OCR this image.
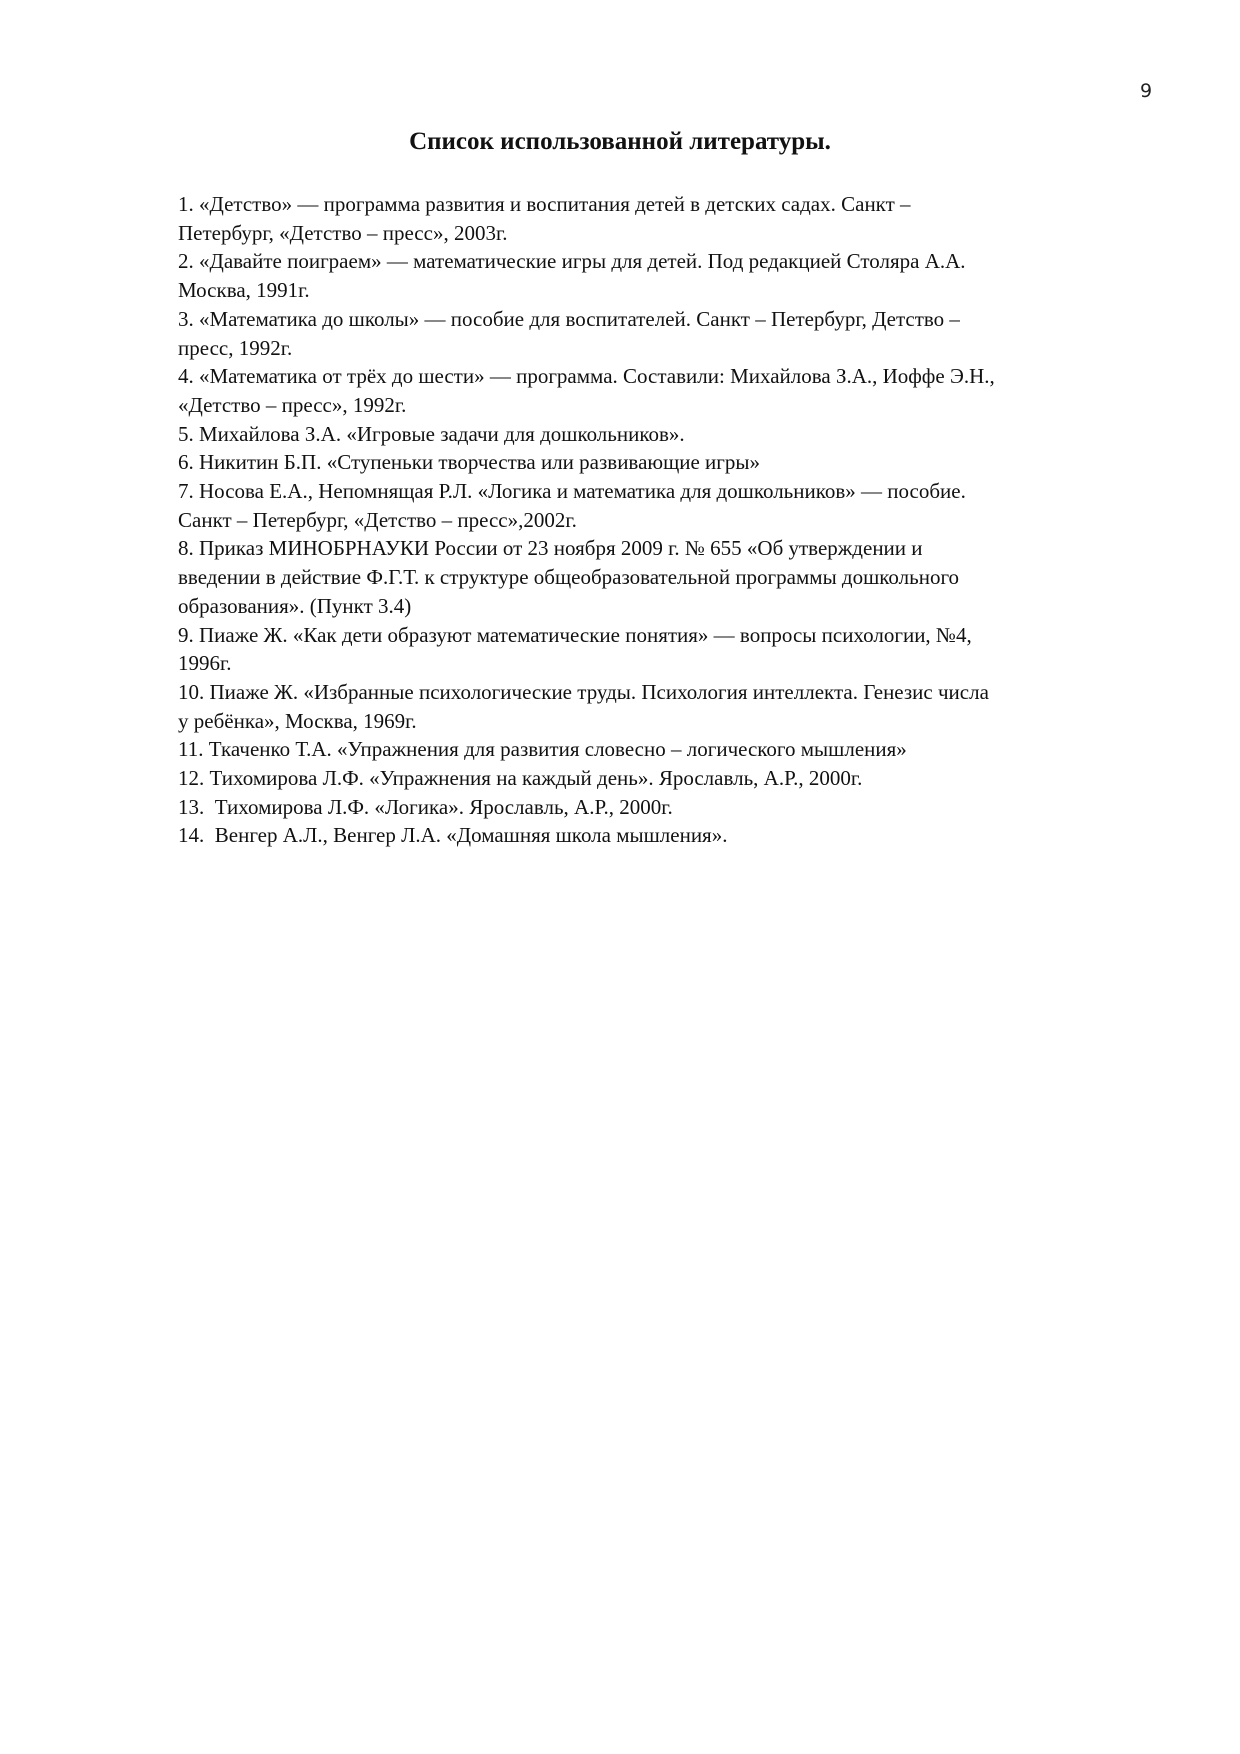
9
Список использованной литературы.
1. «Детство» — программа развития и воспитания детей в детских садах. Санкт –
Петербург, «Детство – пресс», 2003г.
2. «Давайте поиграем» — математические игры для детей. Под редакцией Столяра А.А.
Москва, 1991г.
3. «Математика до школы» — пособие для воспитателей. Санкт – Петербург, Детство –
пресс, 1992г.
4. «Математика от трёх до шести» — программа. Составили: Михайлова З.А., Иоффе Э.Н.,
«Детство – пресс», 1992г.
5. Михайлова З.А. «Игровые задачи для дошкольников».
6. Никитин Б.П. «Ступеньки творчества или развивающие игры»
7. Носова Е.А., Непомнящая Р.Л. «Логика и математика для дошкольников» — пособие.
Санкт – Петербург, «Детство – пресс»,2002г.
8. Приказ МИНОБРНАУКИ России от 23 ноября 2009 г. № 655 «Об утверждении и
введении в действие Ф.Г.Т. к структуре общеобразовательной программы дошкольного
образования». (Пункт 3.4)
9. Пиаже Ж. «Как дети образуют математические понятия» — вопросы психологии, №4,
1996г.
10. Пиаже Ж. «Избранные психологические труды. Психология интеллекта. Генезис числа
у ребёнка», Москва, 1969г.
11. Ткаченко Т.А. «Упражнения для развития словесно – логического мышления»
12. Тихомирова Л.Ф. «Упражнения на каждый день». Ярославль, А.Р., 2000г.
13.  Тихомирова Л.Ф. «Логика». Ярославль, А.Р., 2000г.
14.  Венгер А.Л., Венгер Л.А. «Домашняя школа мышления».
